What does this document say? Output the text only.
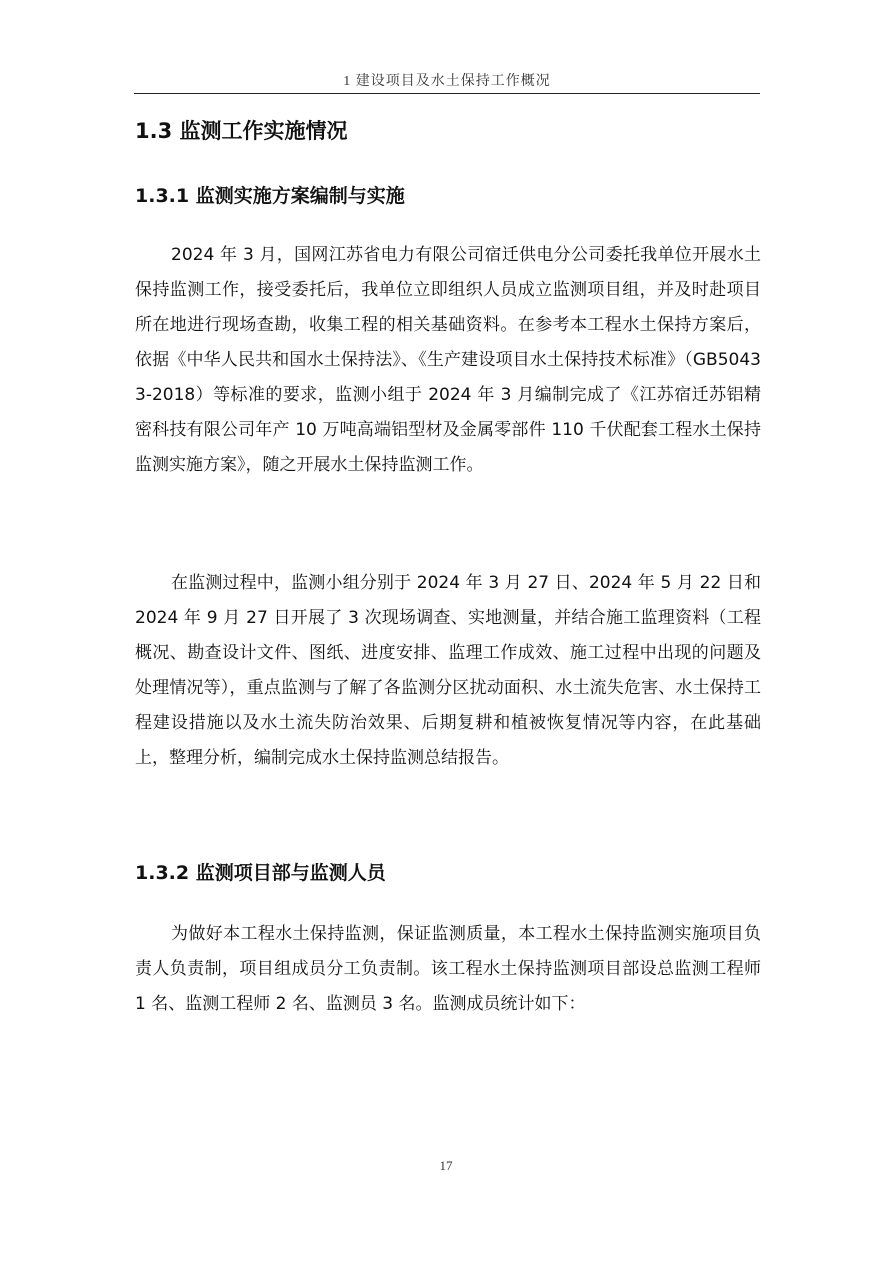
1 建设项目及水土保持工作概况
1.3 监测工作实施情况
1.3.1 监测实施方案编制与实施

2024 年 3 月，国网江苏省电力有限公司宿迁供电分公司委托我单位开展水土保持监测工作，接受委托后，我单位立即组织人员成立监测项目组，并及时赴项目所在地进行现场查勘，收集工程的相关基础资料。在参考本工程水土保持方案后，依据《中华人民共和国水土保持法》、《生产建设项目水土保持技术标准》（GB50433-2018）等标准的要求，监测小组于 2024 年 3 月编制完成了《江苏宿迁苏铝精密科技有限公司年产 10 万吨高端铝型材及金属零部件 110 千伏配套工程水土保持监测实施方案》，随之开展水土保持监测工作。

在监测过程中，监测小组分别于 2024 年 3 月 27 日、2024 年 5 月 22 日和 2024 年 9 月 27 日开展了 3 次现场调查、实地测量，并结合施工监理资料（工程概况、勘查设计文件、图纸、进度安排、监理工作成效、施工过程中出现的问题及处理情况等），重点监测与了解了各监测分区扰动面积、水土流失危害、水土保持工程建设措施以及水土流失防治效果、后期复耕和植被恢复情况等内容，在此基础上，整理分析，编制完成水土保持监测总结报告。

1.3.2 监测项目部与监测人员

为做好本工程水土保持监测，保证监测质量，本工程水土保持监测实施项目负责人负责制，项目组成员分工负责制。该工程水土保持监测项目部设总监测工程师 1 名、监测工程师 2 名、监测员 3 名。监测成员统计如下：

17
